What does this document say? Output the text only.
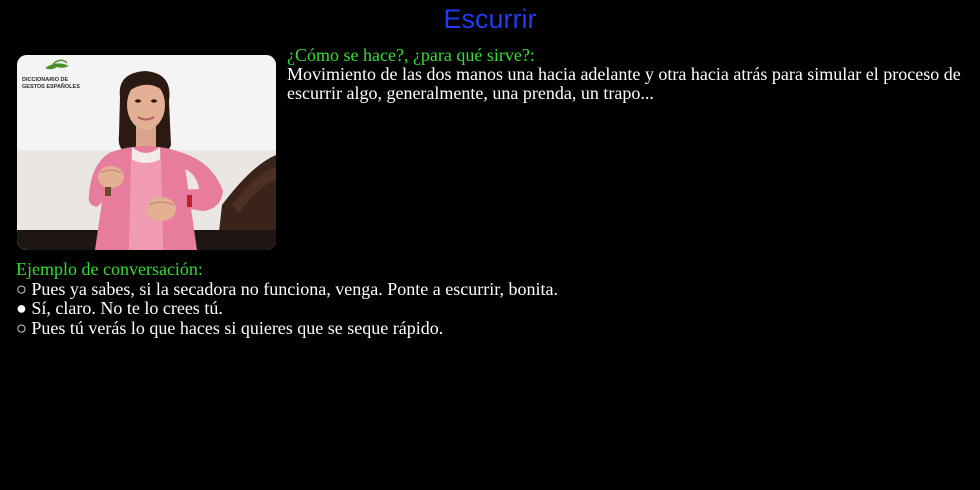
Escurrir
DICCIONARIO DE
GESTOS ESPAÑOLES
¿Cómo se hace?, ¿para qué sirve?:
Movimiento de las dos manos una hacia adelante y otra hacia atrás para simular el proceso de escurrir algo, generalmente, una prenda, un trapo...
Ejemplo de conversación:
○ Pues ya sabes, si la secadora no funciona, venga. Ponte a escurrir, bonita.
● Sí, claro. No te lo crees tú.
○ Pues tú verás lo que haces si quieres que se seque rápido.
